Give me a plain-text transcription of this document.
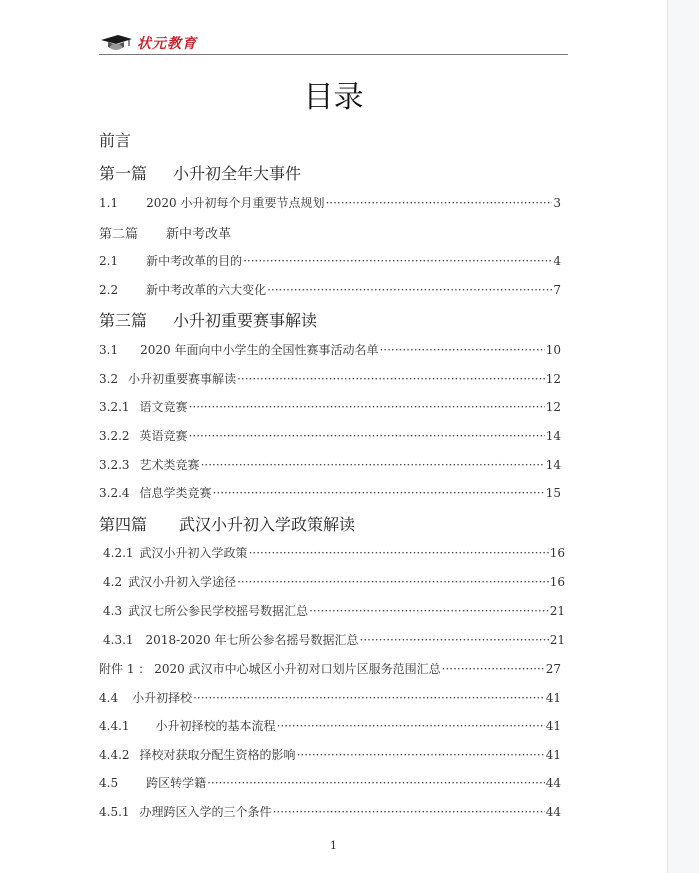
状元教育
目录
前言
第一篇 小升初全年大事件
1.1 2020 小升初每个月重要节点规划 ·····	3
第二篇 新中考改革
2.1 新中考改革的目的 ·····	4
2.2 新中考改革的六大变化 ·····	7
第三篇 小升初重要赛事解读
3.1 2020 年面向中小学生的全国性赛事活动名单 ·····	10
3.2 小升初重要赛事解读 ·····	12
3.2.1 语文竞赛 ·····	12
3.2.2 英语竞赛 ·····	14
3.2.3 艺术类竞赛 ·····	14
3.2.4 信息学类竞赛 ·····	15
第四篇 武汉小升初入学政策解读
4.2.1 武汉小升初入学政策 ·····	16
4.2 武汉小升初入学途径 ·····	16
4.3 武汉七所公参民学校摇号数据汇总 ·····	21
4.3.1 2018-2020 年七所公参名摇号数据汇总 ·····	21
附件 1 ： 2020 武汉市中心城区小升初对口划片区服务范围汇总 ·····	27
4.4 小升初择校 ·····	41
4.4.1 小升初择校的基本流程 ·····	41
4.4.2 择校对获取分配生资格的影响 ·····	41
4.5 跨区转学籍 ·····	44
4.5.1 办理跨区入学的三个条件 ·····	44
1
